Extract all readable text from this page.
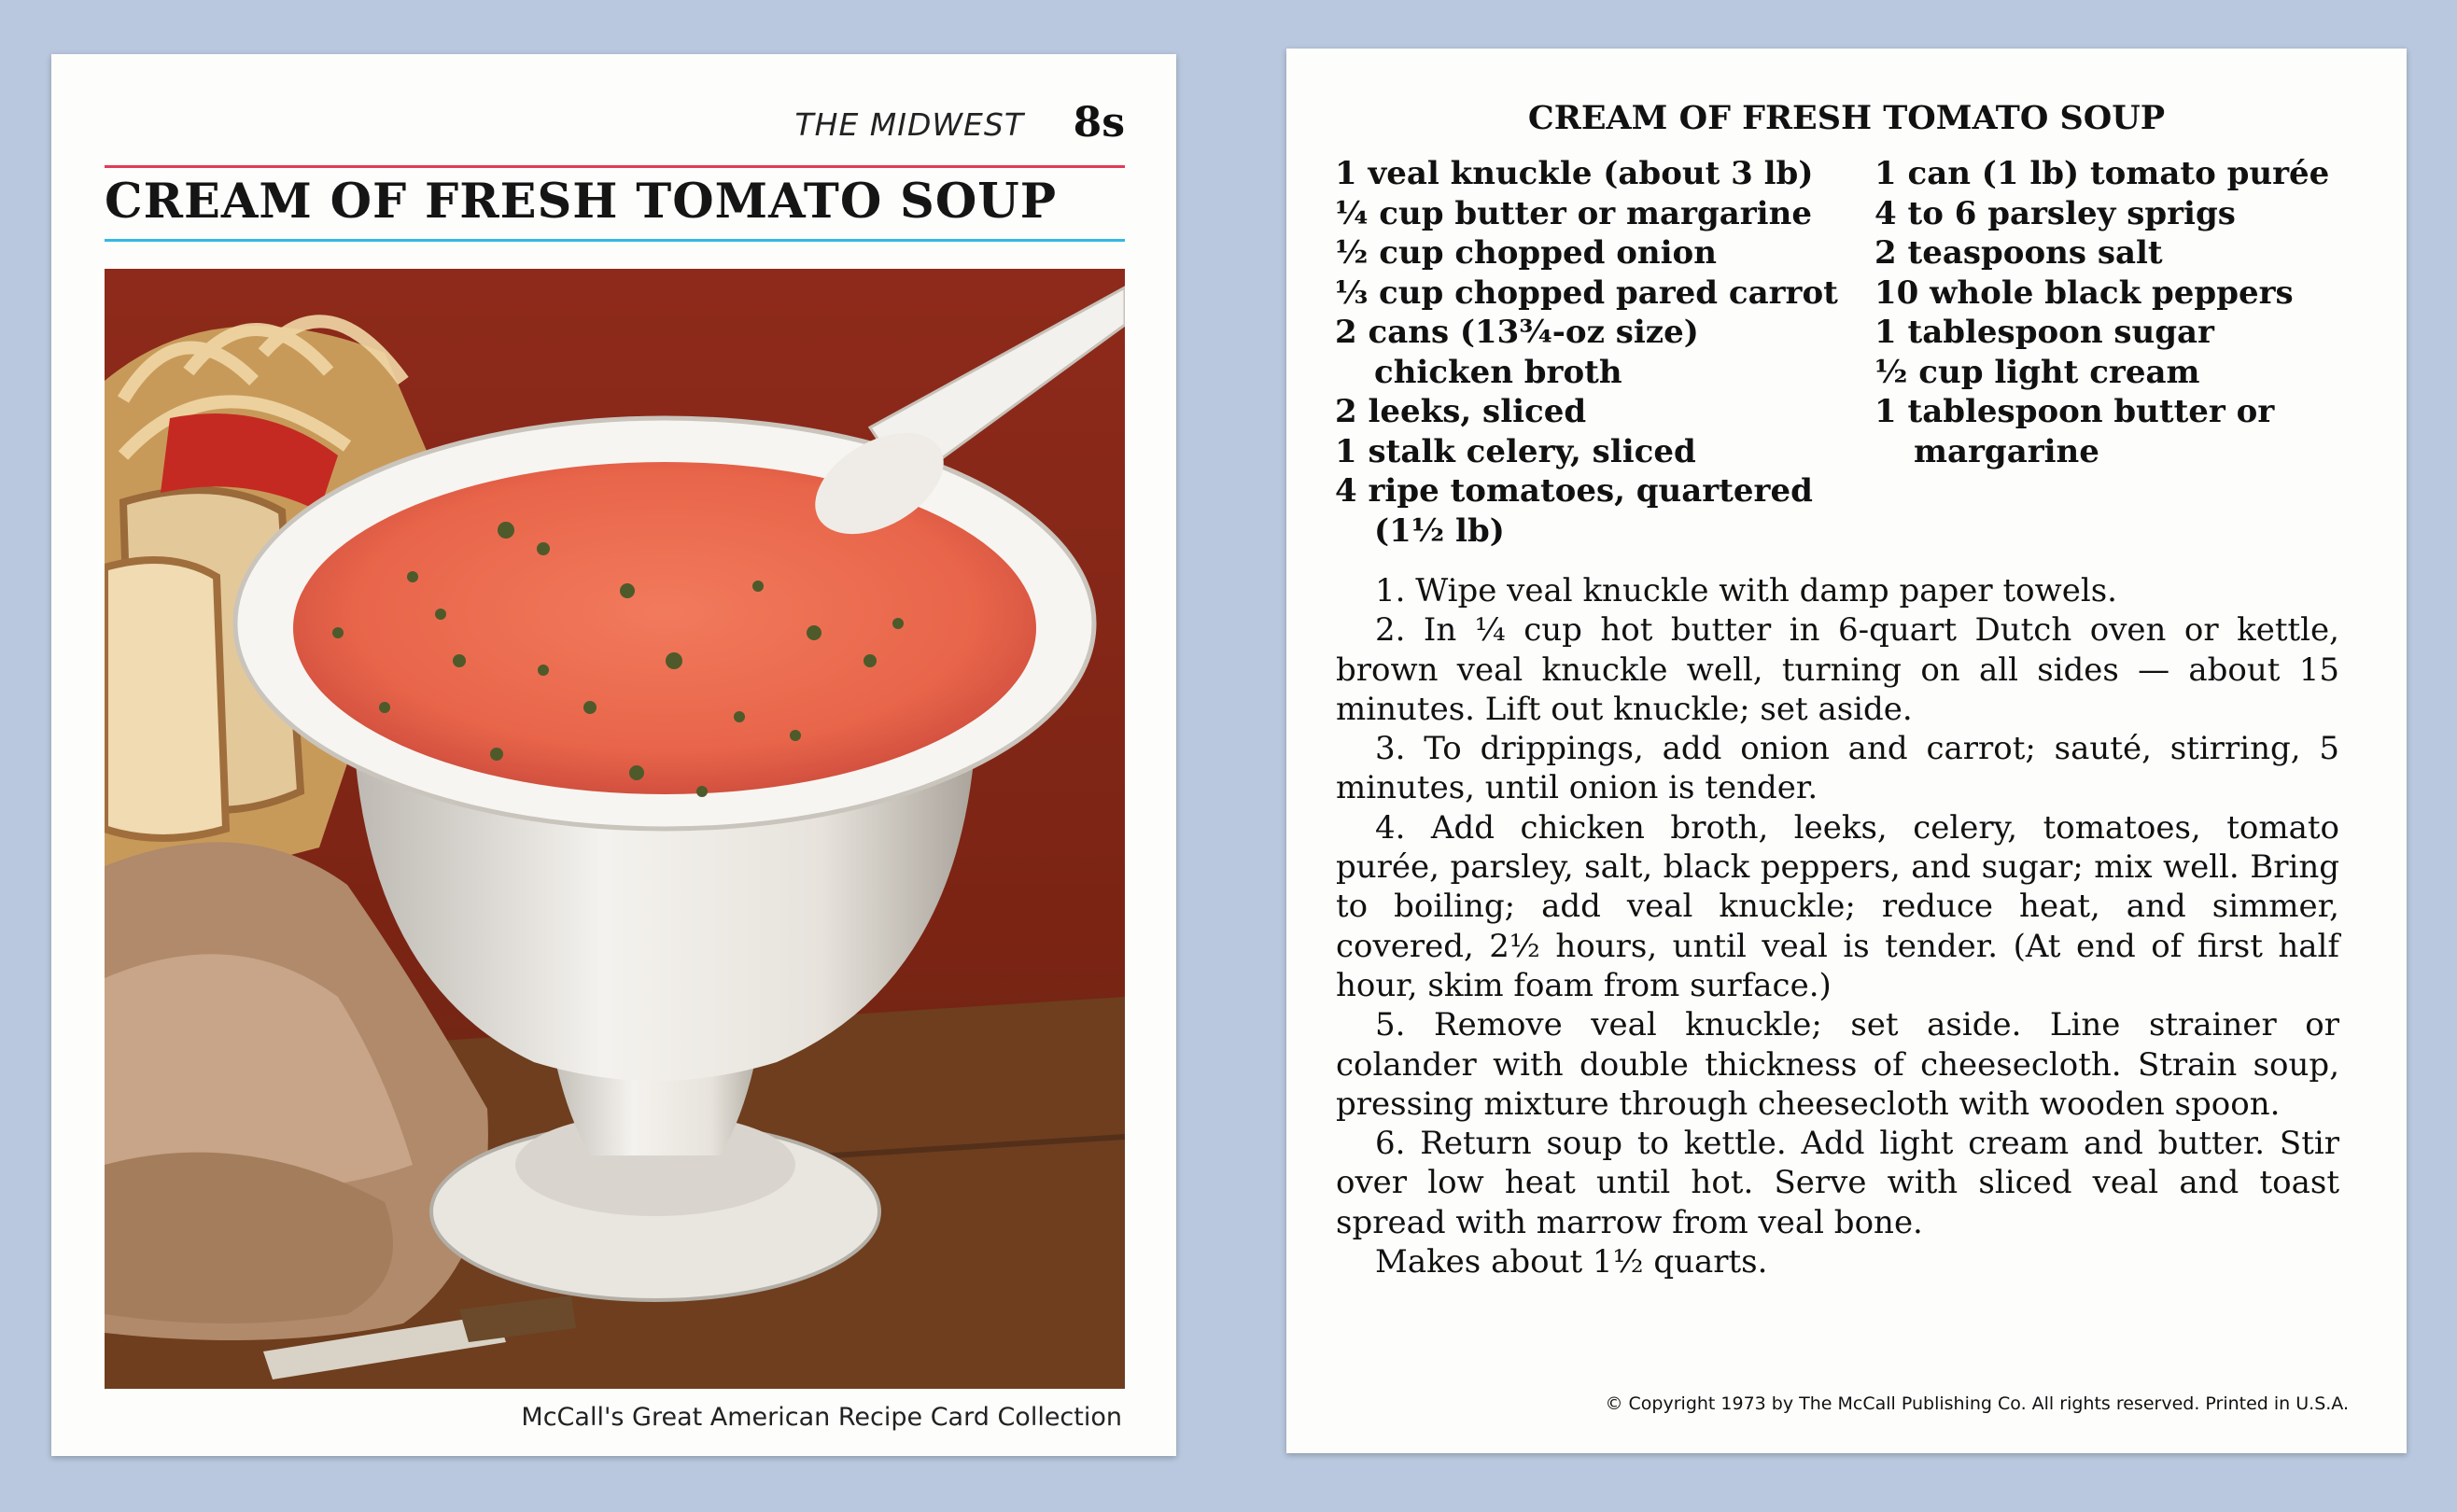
THE MIDWEST 8s
CREAM OF FRESH TOMATO SOUP
McCall's Great American Recipe Card Collection
CREAM OF FRESH TOMATO SOUP
1 veal knuckle (about 3 lb)
¼ cup butter or margarine
½ cup chopped onion
⅓ cup chopped pared carrot
2 cans (13¾-oz size)
chicken broth
2 leeks, sliced
1 stalk celery, sliced
4 ripe tomatoes, quartered
(1½ lb)
1 can (1 lb) tomato purée
4 to 6 parsley sprigs
2 teaspoons salt
10 whole black peppers
1 tablespoon sugar
½ cup light cream
1 tablespoon butter or
margarine
1. Wipe veal knuckle with damp paper towels.
2. In ¼ cup hot butter in 6-quart Dutch oven or kettle, brown veal knuckle well, turning on all sides — about 15 minutes. Lift out knuckle; set aside.
3. To drippings, add onion and carrot; sauté, stirring, 5 minutes, until onion is tender.
4. Add chicken broth, leeks, celery, tomatoes, tomato purée, parsley, salt, black peppers, and sugar; mix well. Bring to boiling; add veal knuckle; reduce heat, and simmer, covered, 2½ hours, until veal is tender. (At end of first half hour, skim foam from surface.)
5. Remove veal knuckle; set aside. Line strainer or colander with double thickness of cheesecloth. Strain soup, pressing mixture through cheesecloth with wooden spoon.
6. Return soup to kettle. Add light cream and butter. Stir over low heat until hot. Serve with sliced veal and toast spread with marrow from veal bone.
Makes about 1½ quarts.
© Copyright 1973 by The McCall Publishing Co. All rights reserved. Printed in U.S.A.
